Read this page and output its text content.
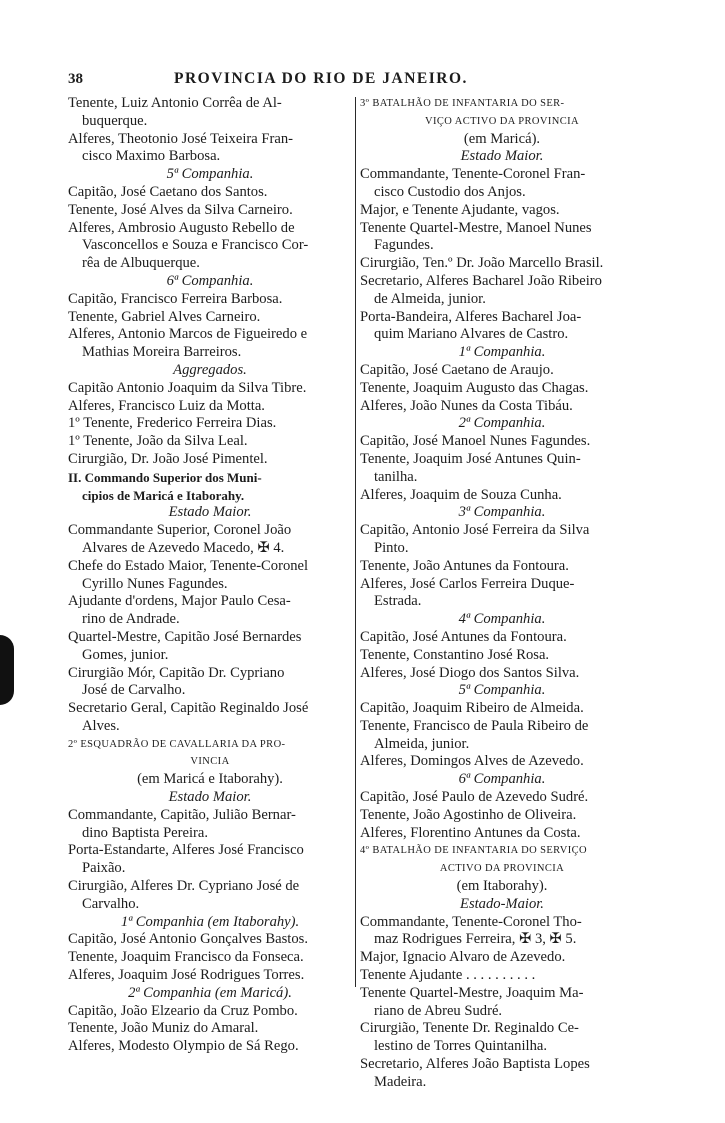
38	PROVINCIA DO RIO DE JANEIRO.
Tenente, Luiz Antonio Corrêa de Al-
buquerque.
Alferes, Theotonio José Teixeira Fran-
cisco Maximo Barbosa.
5ª Companhia.
Capitão, José Caetano dos Santos.
Tenente, José Alves da Silva Carneiro.
Alferes, Ambrosio Augusto Rebello de
Vasconcellos e Souza e Francisco Cor-
rêa de Albuquerque.
6ª Companhia.
Capitão, Francisco Ferreira Barbosa.
Tenente, Gabriel Alves Carneiro.
Alferes, Antonio Marcos de Figueiredo e
Mathias Moreira Barreiros.
Aggregados.
Capitão Antonio Joaquim da Silva Tibre.
Alferes, Francisco Luiz da Motta.
1º Tenente, Frederico Ferreira Dias.
1º Tenente, João da Silva Leal.
Cirurgião, Dr. João José Pimentel.
II. Commando Superior dos Muni-
cipios de Maricá e Itaborahy.
Estado Maior.
Commandante Superior, Coronel João
Alvares de Azevedo Macedo, ✠ 4.
Chefe do Estado Maior, Tenente-Coronel
Cyrillo Nunes Fagundes.
Ajudante d'ordens, Major Paulo Cesa-
rino de Andrade.
Quartel-Mestre, Capitão José Bernardes
Gomes, junior.
Cirurgião Mór, Capitão Dr. Cypriano
José de Carvalho.
Secretario Geral, Capitão Reginaldo José
Alves.
2º ESQUADRÃO DE CAVALLARIA DA PRO-
VINCIA
(em Maricá e Itaborahy).
Estado Maior.
Commandante, Capitão, Julião Bernar-
dino Baptista Pereira.
Porta-Estandarte, Alferes José Francisco
Paixão.
Cirurgião, Alferes Dr. Cypriano José de
Carvalho.
1ª Companhia (em Itaborahy).
Capitão, José Antonio Gonçalves Bastos.
Tenente, Joaquim Francisco da Fonseca.
Alferes, Joaquim José Rodrigues Torres.
2ª Companhia (em Maricá).
Capitão, João Elzeario da Cruz Pombo.
Tenente, João Muniz do Amaral.
Alferes, Modesto Olympio de Sá Rego.
3º BATALHÃO DE INFANTARIA DO SER-
VIÇO ACTIVO DA PROVINCIA
(em Maricá).
Estado Maior.
Commandante, Tenente-Coronel Fran-
cisco Custodio dos Anjos.
Major, e Tenente Ajudante, vagos.
Tenente Quartel-Mestre, Manoel Nunes
Fagundes.
Cirurgião, Ten.º Dr. João Marcello Brasil.
Secretario, Alferes Bacharel João Ribeiro
de Almeida, junior.
Porta-Bandeira, Alferes Bacharel Joa-
quim Mariano Alvares de Castro.
1ª Companhia.
Capitão, José Caetano de Araujo.
Tenente, Joaquim Augusto das Chagas.
Alferes, João Nunes da Costa Tibáu.
2ª Companhia.
Capitão, José Manoel Nunes Fagundes.
Tenente, Joaquim José Antunes Quin-
tanilha.
Alferes, Joaquim de Souza Cunha.
3ª Companhia.
Capitão, Antonio José Ferreira da Silva
Pinto.
Tenente, João Antunes da Fontoura.
Alferes, José Carlos Ferreira Duque-
Estrada.
4ª Companhia.
Capitão, José Antunes da Fontoura.
Tenente, Constantino José Rosa.
Alferes, José Diogo dos Santos Silva.
5ª Companhia.
Capitão, Joaquim Ribeiro de Almeida.
Tenente, Francisco de Paula Ribeiro de
Almeida, junior.
Alferes, Domingos Alves de Azevedo.
6ª Companhia.
Capitão, José Paulo de Azevedo Sudré.
Tenente, João Agostinho de Oliveira.
Alferes, Florentino Antunes da Costa.
4º BATALHÃO DE INFANTARIA DO SERVIÇO
ACTIVO DA PROVINCIA
(em Itaborahy).
Estado-Maior.
Commandante, Tenente-Coronel Tho-
maz Rodrigues Ferreira, ✠ 3, ✠ 5.
Major, Ignacio Alvaro de Azevedo.
Tenente Ajudante . . . . . . . . . .
Tenente Quartel-Mestre, Joaquim Ma-
riano de Abreu Sudré.
Cirurgião, Tenente Dr. Reginaldo Ce-
lestino de Torres Quintanilha.
Secretario, Alferes João Baptista Lopes
Madeira.
